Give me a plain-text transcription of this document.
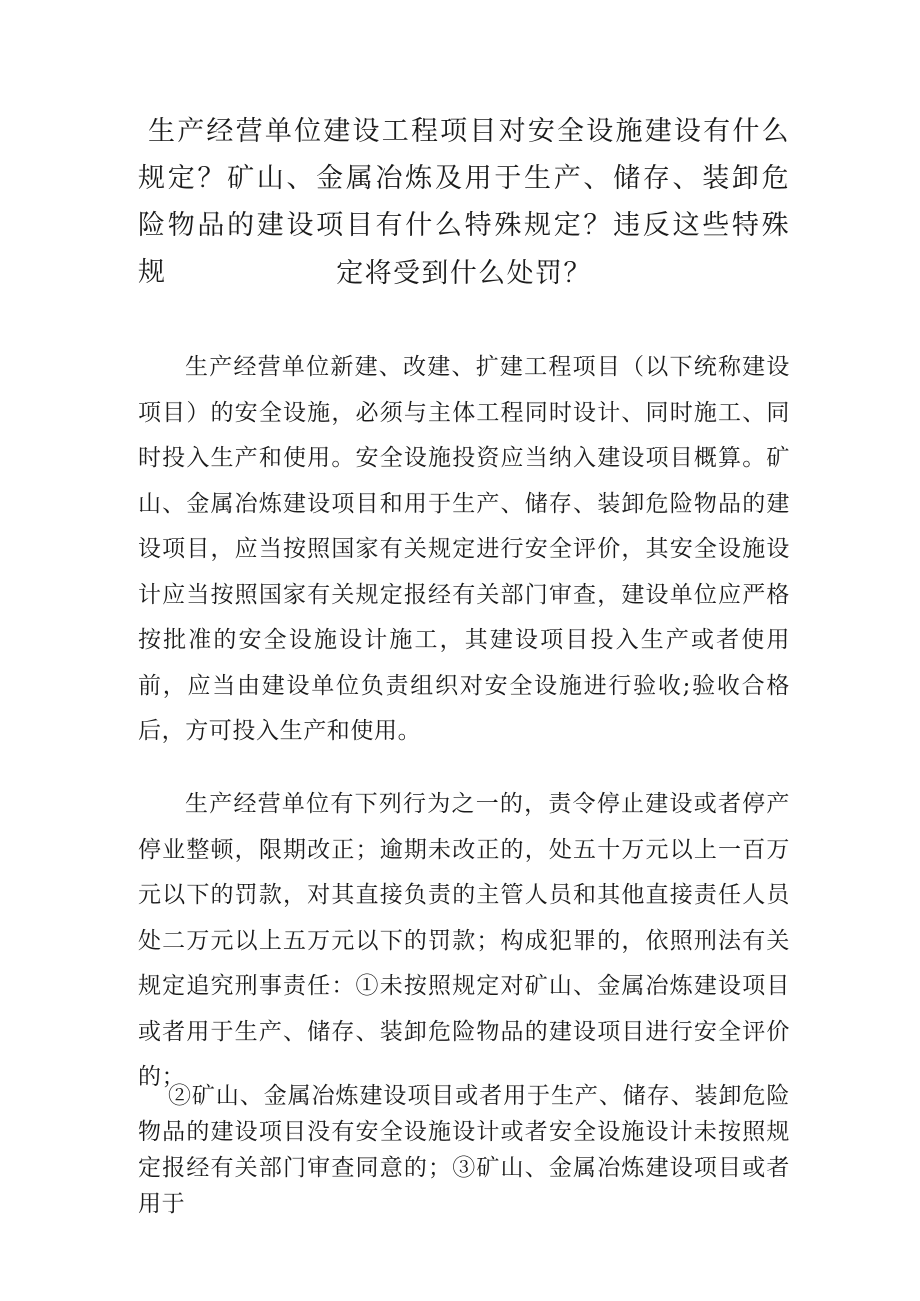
生产经营单位建设工程项目对安全设施建设有什么规定？矿山、金属冶炼及用于生产、储存、装卸危险物品的建设项目有什么特殊规定？违反这些特殊规	定将受到什么处罚？

生产经营单位新建、改建、扩建工程项目（以下统称建设项目）的安全设施，必须与主体工程同时设计、同时施工、同时投入生产和使用。安全设施投资应当纳入建设项目概算。矿山、金属冶炼建设项目和用于生产、储存、装卸危险物品的建设项目，应当按照国家有关规定进行安全评价，其安全设施设计应当按照国家有关规定报经有关部门审查，建设单位应严格按批准的安全设施设计施工，其建设项目投入生产或者使用前，应当由建设单位负责组织对安全设施进行验收;验收合格后，方可投入生产和使用。

生产经营单位有下列行为之一的，责令停止建设或者停产停业整顿，限期改正；逾期未改正的，处五十万元以上一百万元以下的罚款，对其直接负责的主管人员和其他直接责任人员处二万元以上五万元以下的罚款；构成犯罪的，依照刑法有关规定追究刑事责任：①未按照规定对矿山、金属冶炼建设项目或者用于生产、储存、装卸危险物品的建设项目进行安全评价的；

②矿山、金属冶炼建设项目或者用于生产、储存、装卸危险物品的建设项目没有安全设施设计或者安全设施设计未按照规定报经有关部门审查同意的；③矿山、金属冶炼建设项目或者用于
